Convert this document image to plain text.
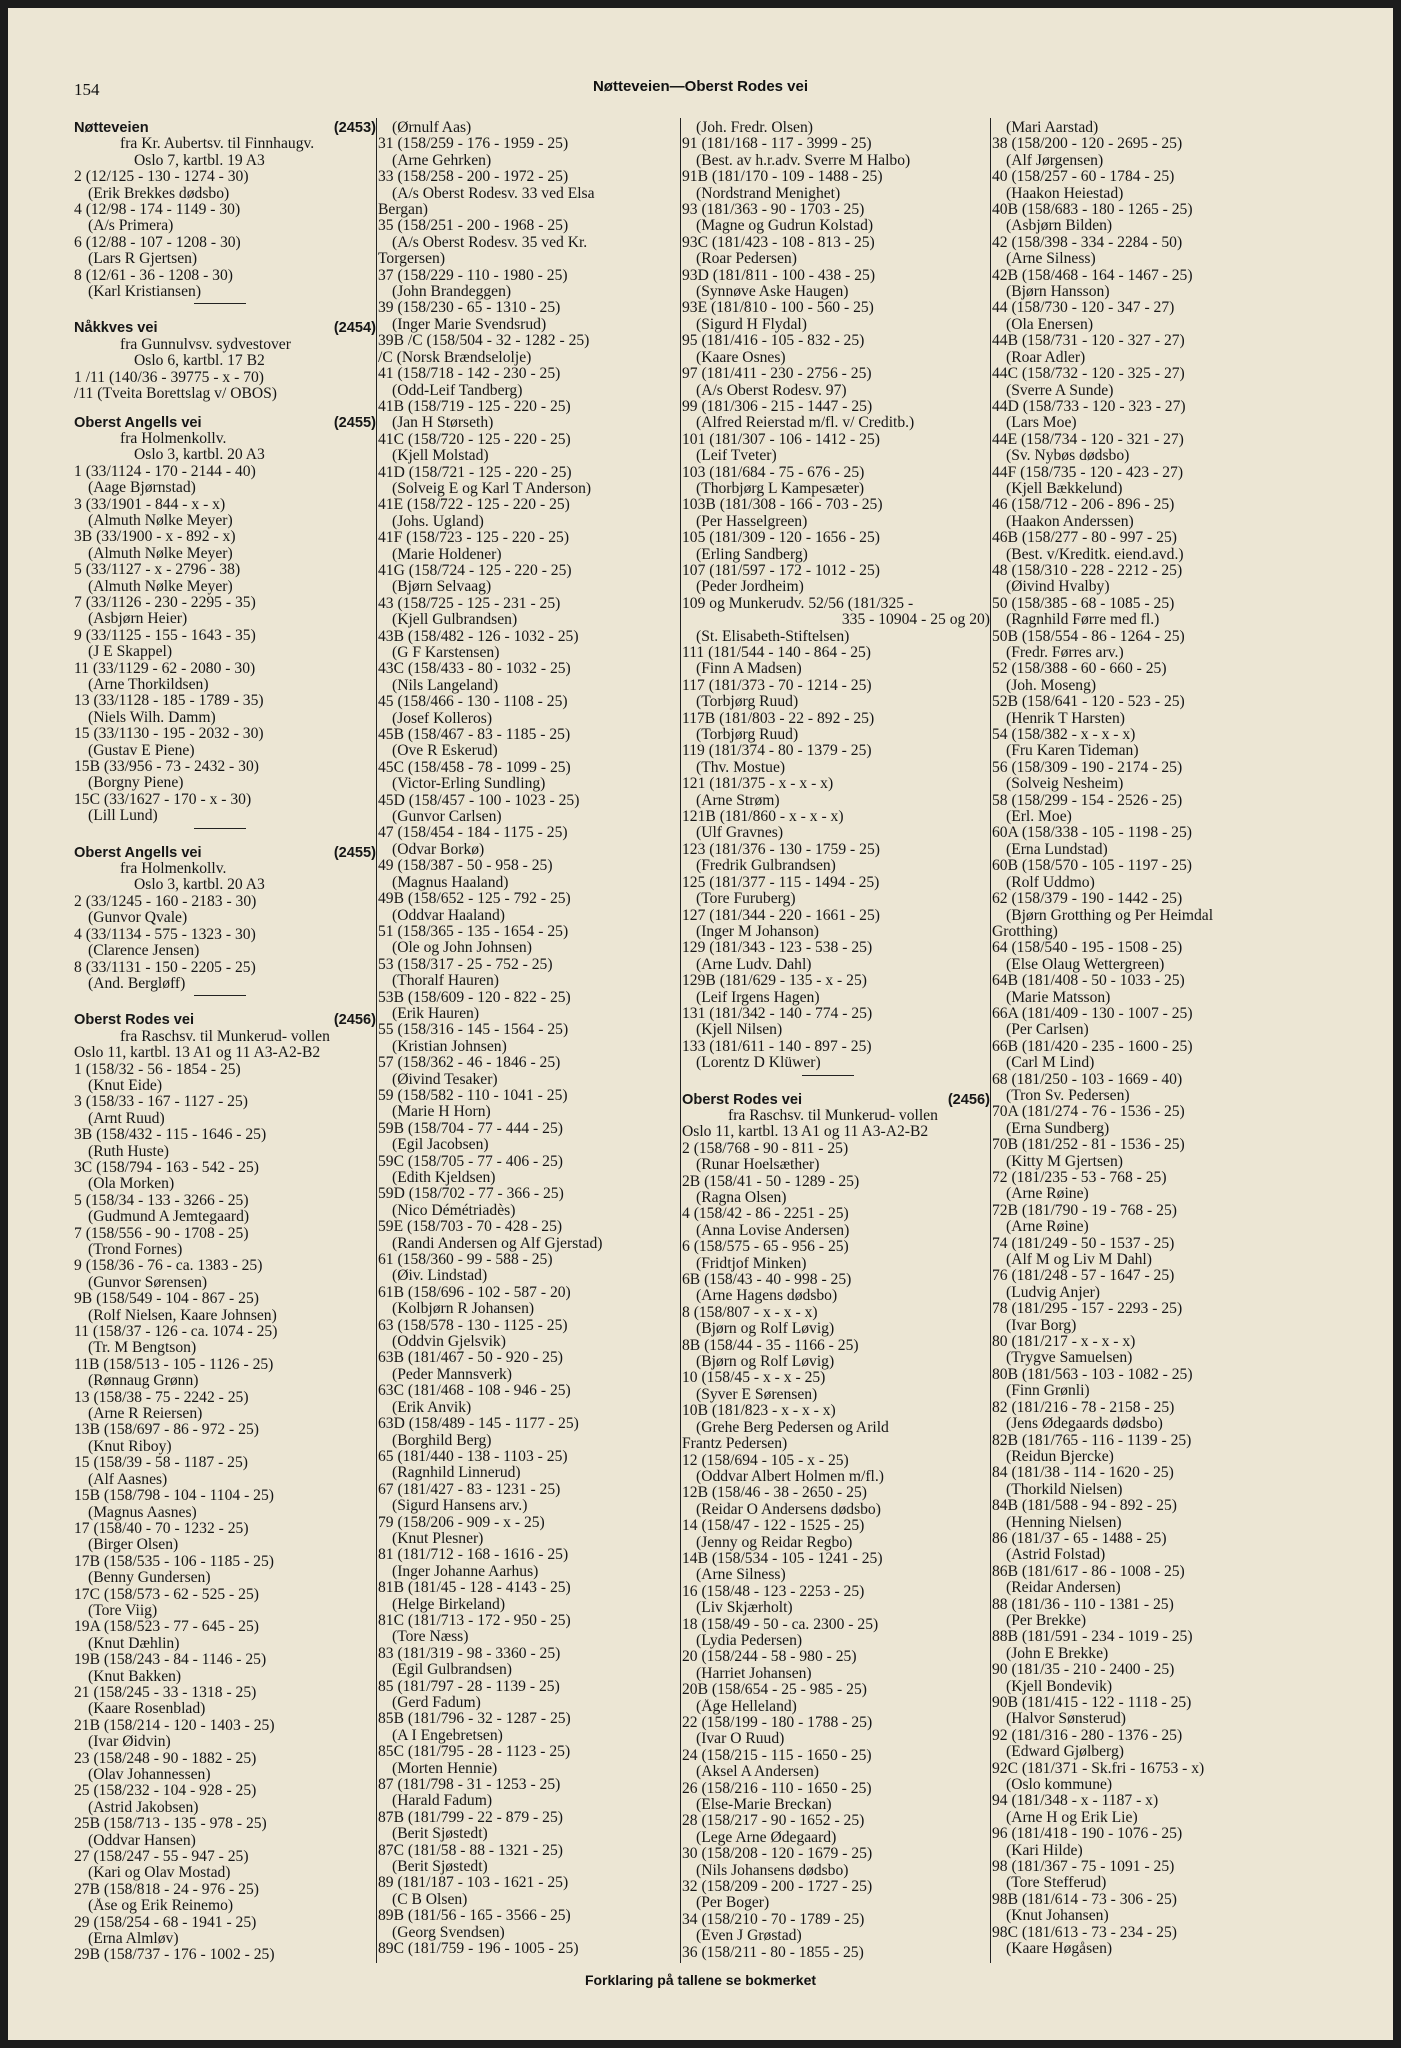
154	Nøtteveien—Oberst Rodes vei
Nøtteveien	(2453)
fra Kr. Aubertsv. til Finnhaugv.
Oslo 7, kartbl. 19 A3
2 (12/125 - 130 - 1274 - 30)
(Erik Brekkes dødsbo)
4 (12/98 - 174 - 1149 - 30)
(A/s Primera)
6 (12/88 - 107 - 1208 - 30)
(Lars R Gjertsen)
8 (12/61 - 36 - 1208 - 30)
(Karl Kristiansen)
Nåkkves vei	(2454)
fra Gunnulvsv. sydvestover
Oslo 6, kartbl. 17 B2
1 /11 (140/36 - 39775 - x - 70)
/11 (Tveita Borettslag v/ OBOS)
Oberst Angells vei	(2455)
fra Holmenkollv.
Oslo 3, kartbl. 20 A3
1 (33/1124 - 170 - 2144 - 40)
(Aage Bjørnstad)
3 (33/1901 - 844 - x - x)
(Almuth Nølke Meyer)
3B (33/1900 - x - 892 - x)
(Almuth Nølke Meyer)
5 (33/1127 - x - 2796 - 38)
(Almuth Nølke Meyer)
7 (33/1126 - 230 - 2295 - 35)
(Asbjørn Heier)
9 (33/1125 - 155 - 1643 - 35)
(J E Skappel)
11 (33/1129 - 62 - 2080 - 30)
(Arne Thorkildsen)
13 (33/1128 - 185 - 1789 - 35)
(Niels Wilh. Damm)
15 (33/1130 - 195 - 2032 - 30)
(Gustav E Piene)
15B (33/956 - 73 - 2432 - 30)
(Borgny Piene)
15C (33/1627 - 170 - x - 30)
(Lill Lund)
Oberst Angells vei	(2455)
fra Holmenkollv.
Oslo 3, kartbl. 20 A3
2 (33/1245 - 160 - 2183 - 30)
(Gunvor Qvale)
4 (33/1134 - 575 - 1323 - 30)
(Clarence Jensen)
8 (33/1131 - 150 - 2205 - 25)
(And. Bergløff)
Oberst Rodes vei	(2456)
fra Raschsv. til Munkerud- vollen
Oslo 11, kartbl. 13 A1 og 11 A3-A2-B2
1 (158/32 - 56 - 1854 - 25)
(Knut Eide)
3 (158/33 - 167 - 1127 - 25)
(Arnt Ruud)
3B (158/432 - 115 - 1646 - 25)
(Ruth Huste)
3C (158/794 - 163 - 542 - 25)
(Ola Morken)
5 (158/34 - 133 - 3266 - 25)
(Gudmund A Jemtegaard)
7 (158/556 - 90 - 1708 - 25)
(Trond Fornes)
9 (158/36 - 76 - ca. 1383 - 25)
(Gunvor Sørensen)
9B (158/549 - 104 - 867 - 25)
(Rolf Nielsen, Kaare Johnsen)
11 (158/37 - 126 - ca. 1074 - 25)
(Tr. M Bengtson)
11B (158/513 - 105 - 1126 - 25)
(Rønnaug Grønn)
13 (158/38 - 75 - 2242 - 25)
(Arne R Reiersen)
13B (158/697 - 86 - 972 - 25)
(Knut Riboy)
15 (158/39 - 58 - 1187 - 25)
(Alf Aasnes)
15B (158/798 - 104 - 1104 - 25)
(Magnus Aasnes)
17 (158/40 - 70 - 1232 - 25)
(Birger Olsen)
17B (158/535 - 106 - 1185 - 25)
(Benny Gundersen)
17C (158/573 - 62 - 525 - 25)
(Tore Viig)
19A (158/523 - 77 - 645 - 25)
(Knut Dæhlin)
19B (158/243 - 84 - 1146 - 25)
(Knut Bakken)
21 (158/245 - 33 - 1318 - 25)
(Kaare Rosenblad)
21B (158/214 - 120 - 1403 - 25)
(Ivar Øidvin)
23 (158/248 - 90 - 1882 - 25)
(Olav Johannessen)
25 (158/232 - 104 - 928 - 25)
(Astrid Jakobsen)
25B (158/713 - 135 - 978 - 25)
(Oddvar Hansen)
27 (158/247 - 55 - 947 - 25)
(Kari og Olav Mostad)
27B (158/818 - 24 - 976 - 25)
(Åse og Erik Reinemo)
29 (158/254 - 68 - 1941 - 25)
(Erna Almløv)
29B (158/737 - 176 - 1002 - 25)
(Ørnulf Aas)
31 (158/259 - 176 - 1959 - 25)
(Arne Gehrken)
33 (158/258 - 200 - 1972 - 25)
(A/s Oberst Rodesv. 33 ved Elsa
Bergan)
35 (158/251 - 200 - 1968 - 25)
(A/s Oberst Rodesv. 35 ved Kr.
Torgersen)
37 (158/229 - 110 - 1980 - 25)
(John Brandeggen)
39 (158/230 - 65 - 1310 - 25)
(Inger Marie Svendsrud)
39B /C (158/504 - 32 - 1282 - 25)
/C (Norsk Brændselolje)
41 (158/718 - 142 - 230 - 25)
(Odd-Leif Tandberg)
41B (158/719 - 125 - 220 - 25)
(Jan H Størseth)
41C (158/720 - 125 - 220 - 25)
(Kjell Molstad)
41D (158/721 - 125 - 220 - 25)
(Solveig E og Karl T Anderson)
41E (158/722 - 125 - 220 - 25)
(Johs. Ugland)
41F (158/723 - 125 - 220 - 25)
(Marie Holdener)
41G (158/724 - 125 - 220 - 25)
(Bjørn Selvaag)
43 (158/725 - 125 - 231 - 25)
(Kjell Gulbrandsen)
43B (158/482 - 126 - 1032 - 25)
(G F Karstensen)
43C (158/433 - 80 - 1032 - 25)
(Nils Langeland)
45 (158/466 - 130 - 1108 - 25)
(Josef Kolleros)
45B (158/467 - 83 - 1185 - 25)
(Ove R Eskerud)
45C (158/458 - 78 - 1099 - 25)
(Victor-Erling Sundling)
45D (158/457 - 100 - 1023 - 25)
(Gunvor Carlsen)
47 (158/454 - 184 - 1175 - 25)
(Odvar Borkø)
49 (158/387 - 50 - 958 - 25)
(Magnus Haaland)
49B (158/652 - 125 - 792 - 25)
(Oddvar Haaland)
51 (158/365 - 135 - 1654 - 25)
(Ole og John Johnsen)
53 (158/317 - 25 - 752 - 25)
(Thoralf Hauren)
53B (158/609 - 120 - 822 - 25)
(Erik Hauren)
55 (158/316 - 145 - 1564 - 25)
(Kristian Johnsen)
57 (158/362 - 46 - 1846 - 25)
(Øivind Tesaker)
59 (158/582 - 110 - 1041 - 25)
(Marie H Horn)
59B (158/704 - 77 - 444 - 25)
(Egil Jacobsen)
59C (158/705 - 77 - 406 - 25)
(Edith Kjeldsen)
59D (158/702 - 77 - 366 - 25)
(Nico Démétriadès)
59E (158/703 - 70 - 428 - 25)
(Randi Andersen og Alf Gjerstad)
61 (158/360 - 99 - 588 - 25)
(Øiv. Lindstad)
61B (158/696 - 102 - 587 - 20)
(Kolbjørn R Johansen)
63 (158/578 - 130 - 1125 - 25)
(Oddvin Gjelsvik)
63B (181/467 - 50 - 920 - 25)
(Peder Mannsverk)
63C (181/468 - 108 - 946 - 25)
(Erik Anvik)
63D (158/489 - 145 - 1177 - 25)
(Borghild Berg)
65 (181/440 - 138 - 1103 - 25)
(Ragnhild Linnerud)
67 (181/427 - 83 - 1231 - 25)
(Sigurd Hansens arv.)
79 (158/206 - 909 - x - 25)
(Knut Plesner)
81 (181/712 - 168 - 1616 - 25)
(Inger Johanne Aarhus)
81B (181/45 - 128 - 4143 - 25)
(Helge Birkeland)
81C (181/713 - 172 - 950 - 25)
(Tore Næss)
83 (181/319 - 98 - 3360 - 25)
(Egil Gulbrandsen)
85 (181/797 - 28 - 1139 - 25)
(Gerd Fadum)
85B (181/796 - 32 - 1287 - 25)
(A I Engebretsen)
85C (181/795 - 28 - 1123 - 25)
(Morten Hennie)
87 (181/798 - 31 - 1253 - 25)
(Harald Fadum)
87B (181/799 - 22 - 879 - 25)
(Berit Sjøstedt)
87C (181/58 - 88 - 1321 - 25)
(Berit Sjøstedt)
89 (181/187 - 103 - 1621 - 25)
(C B Olsen)
89B (181/56 - 165 - 3566 - 25)
(Georg Svendsen)
89C (181/759 - 196 - 1005 - 25)
(Joh. Fredr. Olsen)
91 (181/168 - 117 - 3999 - 25)
(Best. av h.r.adv. Sverre M Halbo)
91B (181/170 - 109 - 1488 - 25)
(Nordstrand Menighet)
93 (181/363 - 90 - 1703 - 25)
(Magne og Gudrun Kolstad)
93C (181/423 - 108 - 813 - 25)
(Roar Pedersen)
93D (181/811 - 100 - 438 - 25)
(Synnøve Aske Haugen)
93E (181/810 - 100 - 560 - 25)
(Sigurd H Flydal)
95 (181/416 - 105 - 832 - 25)
(Kaare Osnes)
97 (181/411 - 230 - 2756 - 25)
(A/s Oberst Rodesv. 97)
99 (181/306 - 215 - 1447 - 25)
(Alfred Reierstad m/fl. v/ Creditb.)
101 (181/307 - 106 - 1412 - 25)
(Leif Tveter)
103 (181/684 - 75 - 676 - 25)
(Thorbjørg L Kampesæter)
103B (181/308 - 166 - 703 - 25)
(Per Hasselgreen)
105 (181/309 - 120 - 1656 - 25)
(Erling Sandberg)
107 (181/597 - 172 - 1012 - 25)
(Peder Jordheim)
109 og Munkerudv. 52/56 (181/325 -
335 - 10904 - 25 og 20)
(St. Elisabeth-Stiftelsen)
111 (181/544 - 140 - 864 - 25)
(Finn A Madsen)
117 (181/373 - 70 - 1214 - 25)
(Torbjørg Ruud)
117B (181/803 - 22 - 892 - 25)
(Torbjørg Ruud)
119 (181/374 - 80 - 1379 - 25)
(Thv. Mostue)
121 (181/375 - x - x - x)
(Arne Strøm)
121B (181/860 - x - x - x)
(Ulf Gravnes)
123 (181/376 - 130 - 1759 - 25)
(Fredrik Gulbrandsen)
125 (181/377 - 115 - 1494 - 25)
(Tore Furuberg)
127 (181/344 - 220 - 1661 - 25)
(Inger M Johanson)
129 (181/343 - 123 - 538 - 25)
(Arne Ludv. Dahl)
129B (181/629 - 135 - x - 25)
(Leif Irgens Hagen)
131 (181/342 - 140 - 774 - 25)
(Kjell Nilsen)
133 (181/611 - 140 - 897 - 25)
(Lorentz D Klüwer)
Oberst Rodes vei	(2456)
fra Raschsv. til Munkerud- vollen
Oslo 11, kartbl. 13 A1 og 11 A3-A2-B2
2 (158/768 - 90 - 811 - 25)
(Runar Hoelsæther)
2B (158/41 - 50 - 1289 - 25)
(Ragna Olsen)
4 (158/42 - 86 - 2251 - 25)
(Anna Lovise Andersen)
6 (158/575 - 65 - 956 - 25)
(Fridtjof Minken)
6B (158/43 - 40 - 998 - 25)
(Arne Hagens dødsbo)
8 (158/807 - x - x - x)
(Bjørn og Rolf Løvig)
8B (158/44 - 35 - 1166 - 25)
(Bjørn og Rolf Løvig)
10 (158/45 - x - x - 25)
(Syver E Sørensen)
10B (181/823 - x - x - x)
(Grehe Berg Pedersen og Arild
Frantz Pedersen)
12 (158/694 - 105 - x - 25)
(Oddvar Albert Holmen m/fl.)
12B (158/46 - 38 - 2650 - 25)
(Reidar O Andersens dødsbo)
14 (158/47 - 122 - 1525 - 25)
(Jenny og Reidar Regbo)
14B (158/534 - 105 - 1241 - 25)
(Arne Silness)
16 (158/48 - 123 - 2253 - 25)
(Liv Skjærholt)
18 (158/49 - 50 - ca. 2300 - 25)
(Lydia Pedersen)
20 (158/244 - 58 - 980 - 25)
(Harriet Johansen)
20B (158/654 - 25 - 985 - 25)
(Åge Helleland)
22 (158/199 - 180 - 1788 - 25)
(Ivar O Ruud)
24 (158/215 - 115 - 1650 - 25)
(Aksel A Andersen)
26 (158/216 - 110 - 1650 - 25)
(Else-Marie Breckan)
28 (158/217 - 90 - 1652 - 25)
(Lege Arne Ødegaard)
30 (158/208 - 120 - 1679 - 25)
(Nils Johansens dødsbo)
32 (158/209 - 200 - 1727 - 25)
(Per Boger)
34 (158/210 - 70 - 1789 - 25)
(Even J Grøstad)
36 (158/211 - 80 - 1855 - 25)
(Mari Aarstad)
38 (158/200 - 120 - 2695 - 25)
(Alf Jørgensen)
40 (158/257 - 60 - 1784 - 25)
(Haakon Heiestad)
40B (158/683 - 180 - 1265 - 25)
(Asbjørn Bilden)
42 (158/398 - 334 - 2284 - 50)
(Arne Silness)
42B (158/468 - 164 - 1467 - 25)
(Bjørn Hansson)
44 (158/730 - 120 - 347 - 27)
(Ola Enersen)
44B (158/731 - 120 - 327 - 27)
(Roar Adler)
44C (158/732 - 120 - 325 - 27)
(Sverre A Sunde)
44D (158/733 - 120 - 323 - 27)
(Lars Moe)
44E (158/734 - 120 - 321 - 27)
(Sv. Nybøs dødsbo)
44F (158/735 - 120 - 423 - 27)
(Kjell Bækkelund)
46 (158/712 - 206 - 896 - 25)
(Haakon Anderssen)
46B (158/277 - 80 - 997 - 25)
(Best. v/Kreditk. eiend.avd.)
48 (158/310 - 228 - 2212 - 25)
(Øivind Hvalby)
50 (158/385 - 68 - 1085 - 25)
(Ragnhild Førre med fl.)
50B (158/554 - 86 - 1264 - 25)
(Fredr. Førres arv.)
52 (158/388 - 60 - 660 - 25)
(Joh. Moseng)
52B (158/641 - 120 - 523 - 25)
(Henrik T Harsten)
54 (158/382 - x - x - x)
(Fru Karen Tideman)
56 (158/309 - 190 - 2174 - 25)
(Solveig Nesheim)
58 (158/299 - 154 - 2526 - 25)
(Erl. Moe)
60A (158/338 - 105 - 1198 - 25)
(Erna Lundstad)
60B (158/570 - 105 - 1197 - 25)
(Rolf Uddmo)
62 (158/379 - 190 - 1442 - 25)
(Bjørn Grotthing og Per Heimdal
Grotthing)
64 (158/540 - 195 - 1508 - 25)
(Else Olaug Wettergreen)
64B (181/408 - 50 - 1033 - 25)
(Marie Matsson)
66A (181/409 - 130 - 1007 - 25)
(Per Carlsen)
66B (181/420 - 235 - 1600 - 25)
(Carl M Lind)
68 (181/250 - 103 - 1669 - 40)
(Tron Sv. Pedersen)
70A (181/274 - 76 - 1536 - 25)
(Erna Sundberg)
70B (181/252 - 81 - 1536 - 25)
(Kitty M Gjertsen)
72 (181/235 - 53 - 768 - 25)
(Arne Røine)
72B (181/790 - 19 - 768 - 25)
(Arne Røine)
74 (181/249 - 50 - 1537 - 25)
(Alf M og Liv M Dahl)
76 (181/248 - 57 - 1647 - 25)
(Ludvig Anjer)
78 (181/295 - 157 - 2293 - 25)
(Ivar Borg)
80 (181/217 - x - x - x)
(Trygve Samuelsen)
80B (181/563 - 103 - 1082 - 25)
(Finn Grønli)
82 (181/216 - 78 - 2158 - 25)
(Jens Ødegaards dødsbo)
82B (181/765 - 116 - 1139 - 25)
(Reidun Bjercke)
84 (181/38 - 114 - 1620 - 25)
(Thorkild Nielsen)
84B (181/588 - 94 - 892 - 25)
(Henning Nielsen)
86 (181/37 - 65 - 1488 - 25)
(Astrid Folstad)
86B (181/617 - 86 - 1008 - 25)
(Reidar Andersen)
88 (181/36 - 110 - 1381 - 25)
(Per Brekke)
88B (181/591 - 234 - 1019 - 25)
(John E Brekke)
90 (181/35 - 210 - 2400 - 25)
(Kjell Bondevik)
90B (181/415 - 122 - 1118 - 25)
(Halvor Sønsterud)
92 (181/316 - 280 - 1376 - 25)
(Edward Gjølberg)
92C (181/371 - Sk.fri - 16753 - x)
(Oslo kommune)
94 (181/348 - x - 1187 - x)
(Arne H og Erik Lie)
96 (181/418 - 190 - 1076 - 25)
(Kari Hilde)
98 (181/367 - 75 - 1091 - 25)
(Tore Stefferud)
98B (181/614 - 73 - 306 - 25)
(Knut Johansen)
98C (181/613 - 73 - 234 - 25)
(Kaare Høgåsen)
Forklaring på tallene se bokmerket
